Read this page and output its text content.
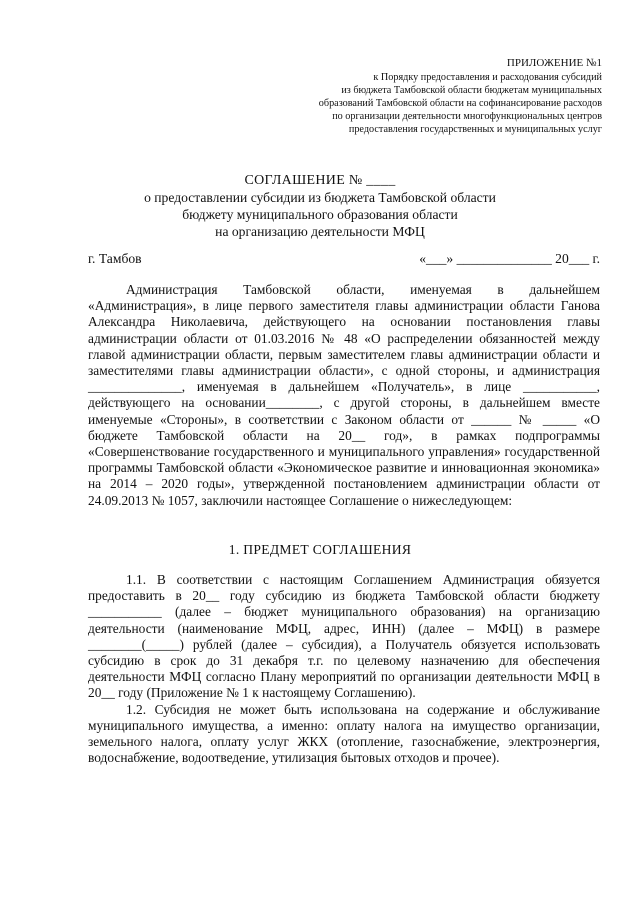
ПРИЛОЖЕНИЕ №1
к Порядку предоставления и расходования субсидий
из бюджета Тамбовской области бюджетам муниципальных
образований Тамбовской области на софинансирование расходов
по организации деятельности многофункциональных центров
предоставления государственных и муниципальных услуг
СОГЛАШЕНИЕ № ____
о предоставлении субсидии из бюджета Тамбовской области
бюджету муниципального образования области
на организацию деятельности МФЦ
г. Тамбов	«___» ______________ 20___ г.

Администрация Тамбовской области, именуемая в дальнейшем «Администрация», в лице первого заместителя главы администрации области Ганова Александра Николаевича, действующего на основании постановления главы администрации области от 01.03.2016 № 48 «О распределении обязанностей между главой администрации области, первым заместителем главы администрации области и заместителями главы администрации области», с одной стороны, и администрация ______________, именуемая в дальнейшем «Получатель», в лице ___________, действующего на основании________, с другой стороны, в дальнейшем вместе именуемые «Стороны», в соответствии с Законом области от ______ № _____ «О бюджете Тамбовской области на 20__ год», в рамках подпрограммы «Совершенствование государственного и муниципального управления» государственной программы Тамбовской области «Экономическое развитие и инновационная экономика» на 2014 – 2020 годы», утвержденной постановлением администрации области от 24.09.2013 № 1057, заключили настоящее Соглашение о нижеследующем:

1. ПРЕДМЕТ СОГЛАШЕНИЯ

1.1. В соответствии с настоящим Соглашением Администрация обязуется предоставить в 20__ году субсидию из бюджета Тамбовской области бюджету ___________ (далее – бюджет муниципального образования) на организацию деятельности (наименование МФЦ, адрес, ИНН) (далее – МФЦ) в размере ________(_____) рублей (далее – субсидия), а Получатель обязуется использовать субсидию в срок до 31 декабря т.г. по целевому назначению для обеспечения деятельности МФЦ согласно Плану мероприятий по организации деятельности МФЦ в 20__ году (Приложение № 1 к настоящему Соглашению).

1.2. Субсидия не может быть использована на содержание и обслуживание муниципального имущества, а именно: оплату налога на имущество организации, земельного налога, оплату услуг ЖКХ (отопление, газоснабжение, электроэнергия, водоснабжение, водоотведение, утилизация бытовых отходов и прочее).
